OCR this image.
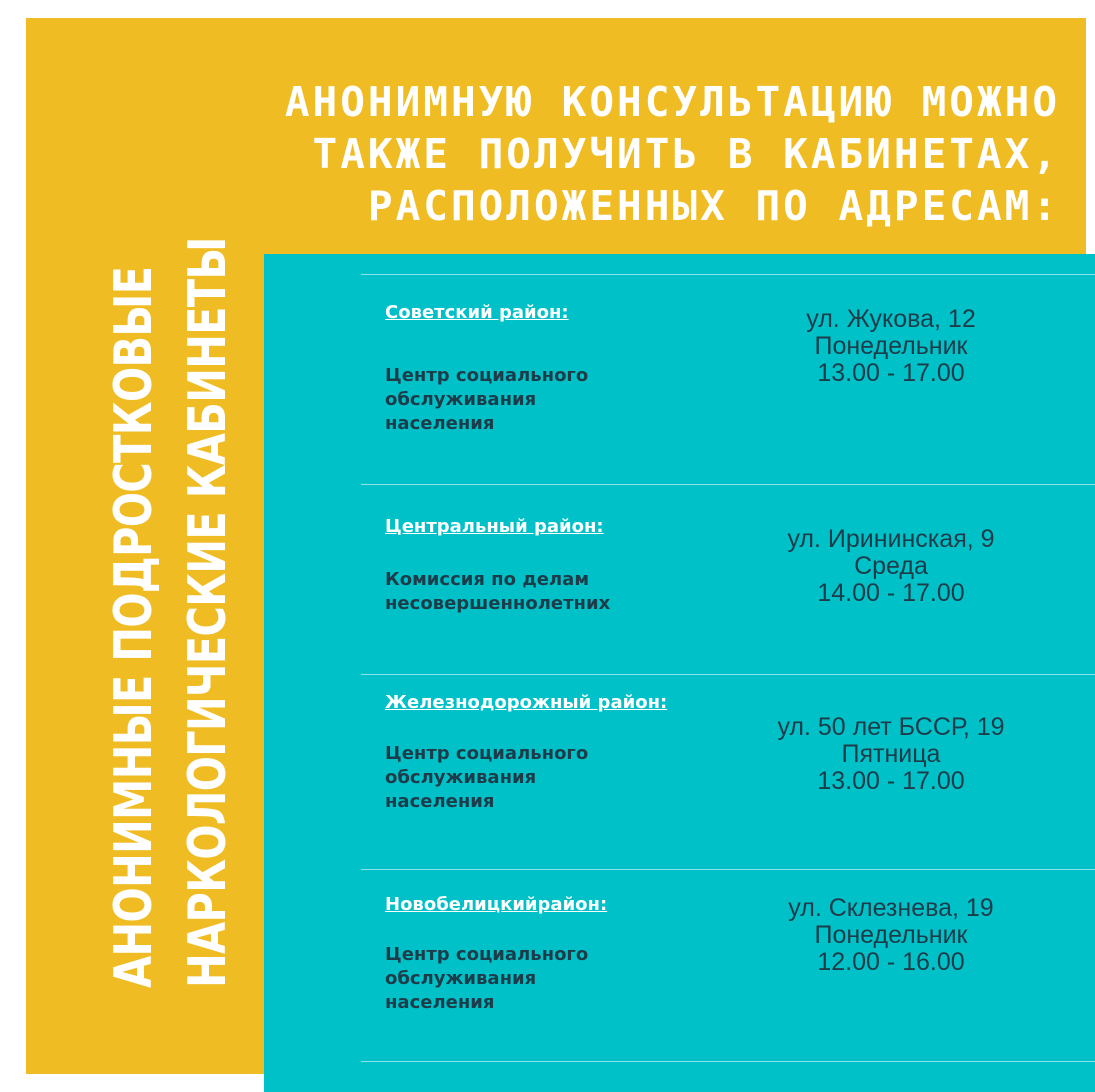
АНОНИМНЫЕ ПОДРОСТКОВЫЕ НАРКОЛОГИЧЕСКИЕ КАБИНЕТЫ
АНОНИМНУЮ КОНСУЛЬТАЦИЮ МОЖНО
ТАКЖЕ ПОЛУЧИТЬ В КАБИНЕТАХ,
РАСПОЛОЖЕННЫХ ПО АДРЕСАМ:
Советский район:
Центр социального обслуживания населения
ул. Жукова, 12
Понедельник
13.00 - 17.00
Центральный район:
Комиссия по делам несовершеннолетних
ул. Ирининская, 9
Среда
14.00 - 17.00
Железнодорожный район:
Центр социального обслуживания населения
ул. 50 лет БССР, 19
Пятница
13.00 - 17.00
Новобелицкийрайон:
Центр социального обслуживания населения
ул. Склезнева, 19
Понедельник
12.00 - 16.00
